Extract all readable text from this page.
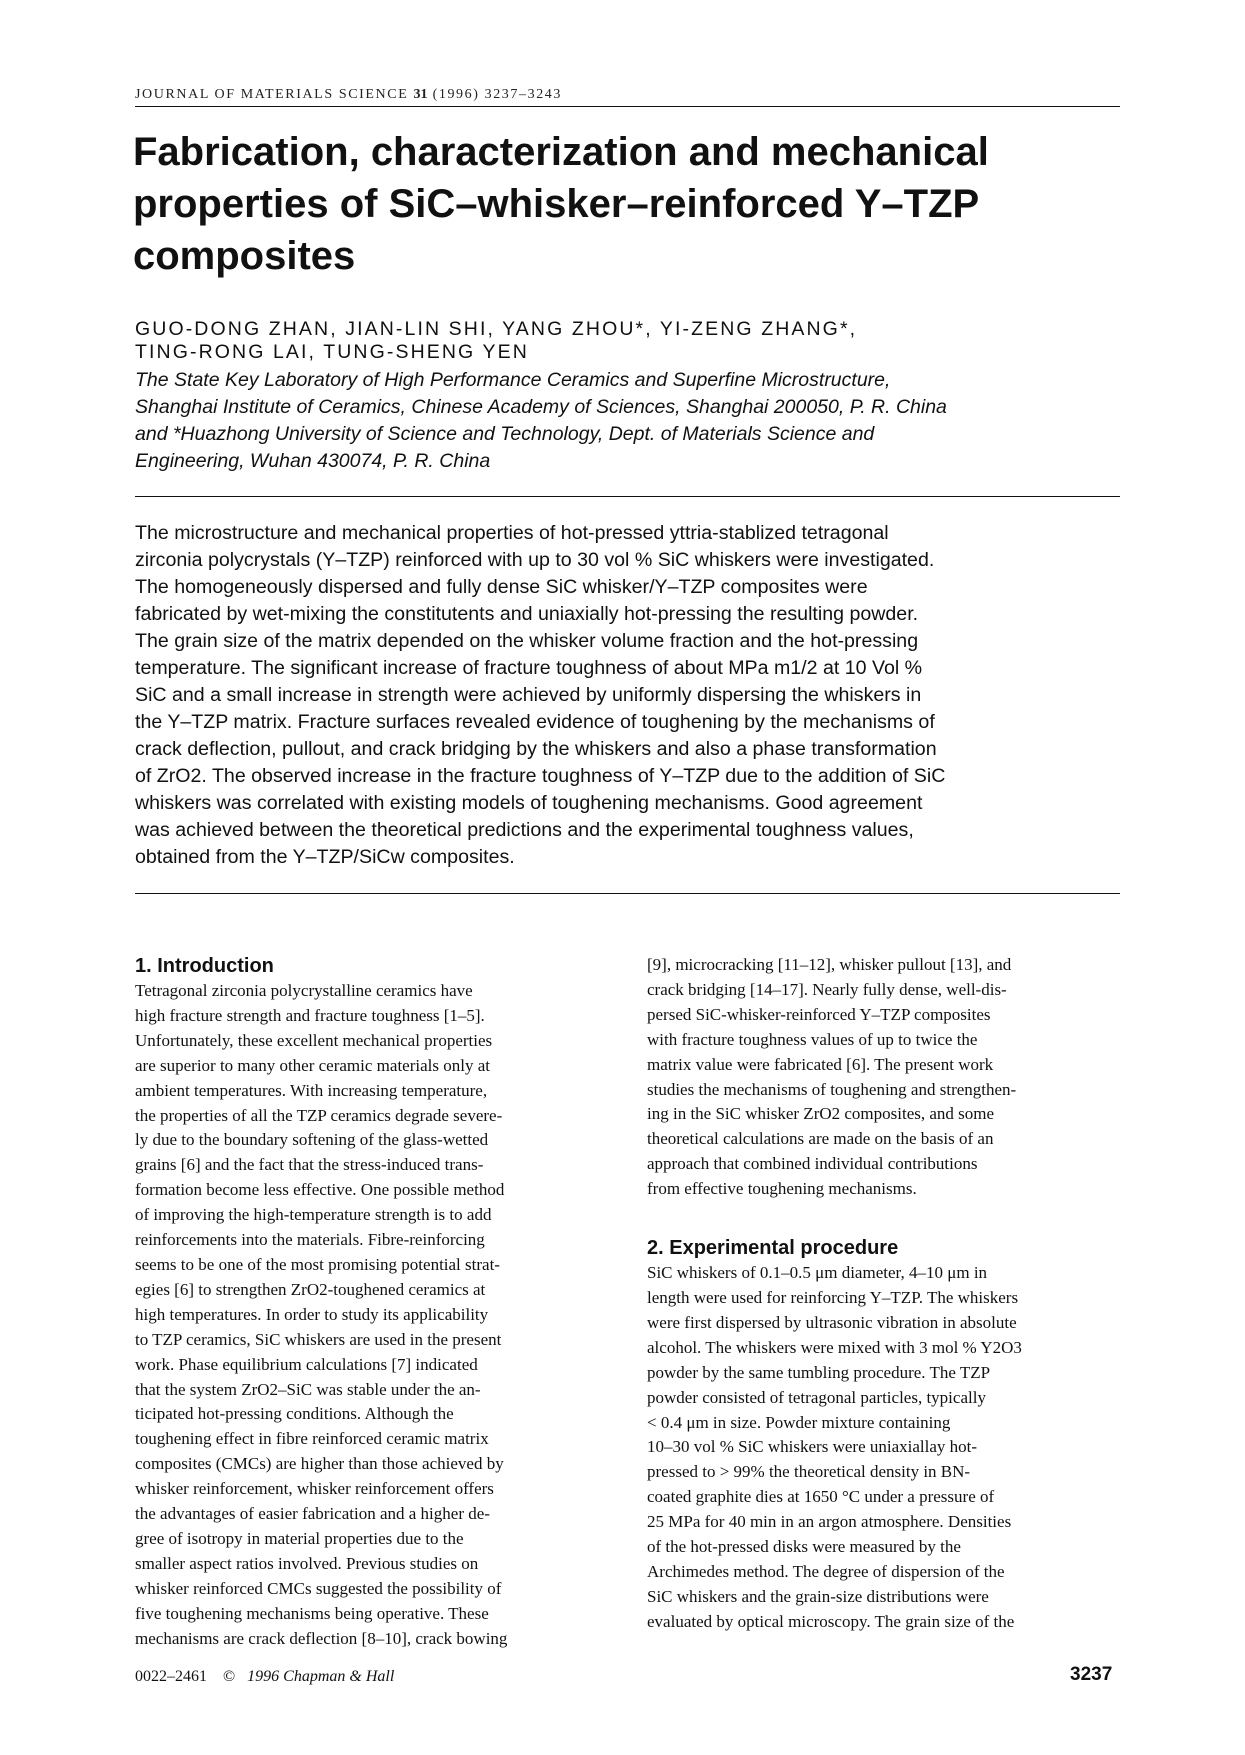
JOURNAL OF MATERIALS SCIENCE 31 (1996) 3237–3243
Fabrication, characterization and mechanical
properties of SiC–whisker–reinforced Y–TZP
composites
GUO-DONG ZHAN, JIAN-LIN SHI, YANG ZHOU*, YI-ZENG ZHANG*,
TING-RONG LAI, TUNG-SHENG YEN
The State Key Laboratory of High Performance Ceramics and Superfine Microstructure,
Shanghai Institute of Ceramics, Chinese Academy of Sciences, Shanghai 200050, P. R. China
and *Huazhong University of Science and Technology, Dept. of Materials Science and
Engineering, Wuhan 430074, P. R. China
The microstructure and mechanical properties of hot-pressed yttria-stablized tetragonal
zirconia polycrystals (Y–TZP) reinforced with up to 30 vol % SiC whiskers were investigated.
The homogeneously dispersed and fully dense SiC whisker/Y–TZP composites were
fabricated by wet-mixing the constitutents and uniaxially hot-pressing the resulting powder.
The grain size of the matrix depended on the whisker volume fraction and the hot-pressing
temperature. The significant increase of fracture toughness of about MPa m1/2 at 10 Vol %
SiC and a small increase in strength were achieved by uniformly dispersing the whiskers in
the Y–TZP matrix. Fracture surfaces revealed evidence of toughening by the mechanisms of
crack deflection, pullout, and crack bridging by the whiskers and also a phase transformation
of ZrO2. The observed increase in the fracture toughness of Y–TZP due to the addition of SiC
whiskers was correlated with existing models of toughening mechanisms. Good agreement
was achieved between the theoretical predictions and the experimental toughness values,
obtained from the Y–TZP/SiCw composites.
1. Introduction
Tetragonal zirconia polycrystalline ceramics have
high fracture strength and fracture toughness [1–5].
Unfortunately, these excellent mechanical properties
are superior to many other ceramic materials only at
ambient temperatures. With increasing temperature,
the properties of all the TZP ceramics degrade severe-
ly due to the boundary softening of the glass-wetted
grains [6] and the fact that the stress-induced trans-
formation become less effective. One possible method
of improving the high-temperature strength is to add
reinforcements into the materials. Fibre-reinforcing
seems to be one of the most promising potential strat-
egies [6] to strengthen ZrO2-toughened ceramics at
high temperatures. In order to study its applicability
to TZP ceramics, SiC whiskers are used in the present
work. Phase equilibrium calculations [7] indicated
that the system ZrO2–SiC was stable under the an-
ticipated hot-pressing conditions. Although the
toughening effect in fibre reinforced ceramic matrix
composites (CMCs) are higher than those achieved by
whisker reinforcement, whisker reinforcement offers
the advantages of easier fabrication and a higher de-
gree of isotropy in material properties due to the
smaller aspect ratios involved. Previous studies on
whisker reinforced CMCs suggested the possibility of
five toughening mechanisms being operative. These
mechanisms are crack deflection [8–10], crack bowing
[9], microcracking [11–12], whisker pullout [13], and
crack bridging [14–17]. Nearly fully dense, well-dis-
persed SiC-whisker-reinforced Y–TZP composites
with fracture toughness values of up to twice the
matrix value were fabricated [6]. The present work
studies the mechanisms of toughening and strengthen-
ing in the SiC whisker ZrO2 composites, and some
theoretical calculations are made on the basis of an
approach that combined individual contributions
from effective toughening mechanisms.
2. Experimental procedure
SiC whiskers of 0.1–0.5 μm diameter, 4–10 μm in
length were used for reinforcing Y–TZP. The whiskers
were first dispersed by ultrasonic vibration in absolute
alcohol. The whiskers were mixed with 3 mol % Y2O3
powder by the same tumbling procedure. The TZP
powder consisted of tetragonal particles, typically
< 0.4 μm in size. Powder mixture containing
10–30 vol % SiC whiskers were uniaxiallay hot-
pressed to > 99% the theoretical density in BN-
coated graphite dies at 1650 °C under a pressure of
25 MPa for 40 min in an argon atmosphere. Densities
of the hot-pressed disks were measured by the
Archimedes method. The degree of dispersion of the
SiC whiskers and the grain-size distributions were
evaluated by optical microscopy. The grain size of the
0022–2461 © 1996 Chapman & Hall	3237
